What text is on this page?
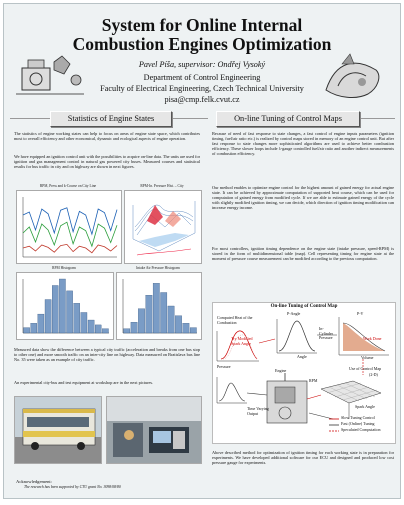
System for Online Internal
Combustion Engines Optimization
Pavel Píša, supervisor: Ondřej Vysoký
Department of Control Engineering
Faculty of Electrical Engineering, Czech Technical University
pisa@cmp.felk.cvut.cz
Statistics of Engine States	On-line Tuning of Control Maps

The statistics of engine working states can help to focus on areas of engine state space, which contributes most to overall efficiency and other economical, dynamic and ecological aspects of engine operation.

We have equipped an ignition control unit with the possibilities to acquire on-line data. The units are used for ignition and gas management control in natural gas powered city buses. Measured courses and statistical results for bus traffic in city and on highway are shown in next figures.

RPM, Press and k-Course on City Line	RPM-In. Pressure Hist. – City
RPM Histogram	Intake Air Pressure Histogram

Measured data show the difference between a typical city traffic (acceleration and breaks from one bus stop to other one) and more smooth traffic on an inter-city line on highway. Data measured on Bratislava bus line No. 35 were taken as an example of city traffic.

An experimental city-bus and test equipment at workshop are in the next pictures.

Acknowledgement:
The research has been supported by CTU grant No. 3098/08/80

Because of need of fast response to state changes, a fast control of engine inputs parameters (ignition timing, fuel/air ratio etc.) is realized by control maps stored in memory of an engine control unit. But after fast response to state changes more sophisticated algorithms are used to achieve better combustion efficiency. These slower loops include λ-gauge controlled fuel/air ratio and another indirect measurements of combustion efficiency.

Our method enables to optimize engine control for the highest amount of gained energy for actual engine state. It can be achieved by approximate computation of supported heat course, which can be used for computation of gained energy from modified cycle. If we are able to estimate gained energy of the cycle with slightly modified ignition timing, we can decide, which direction of ignition timing modification can increase energy income.

For most controllers, ignition timing dependence on the engine state (intake pressure, speed-RPM) is stored in the form of multidimensional table (map). Cell representing timing for engine state at the moment of pressure course measurement can be modified according to the previous computation.

On-line Tuning of Control Map
Computed Heat of the Combustion
Try Modified Spark Angle
P-Angle
Angle
P-V
Volume
In-Cylinder Pressure	Work Done
Pressure
Engine
Time Varying Output
Use of Control Map
(2-D)
RPM
Spark Angle
Slow Tuning Control
Fast (Online) Tuning
Speculated Computation

Above described method for optimization of ignition timing for each working state is in preparation for experiments. We have developed additional software for our ECU and designed and produced low cost pressure gauge for experiments.
